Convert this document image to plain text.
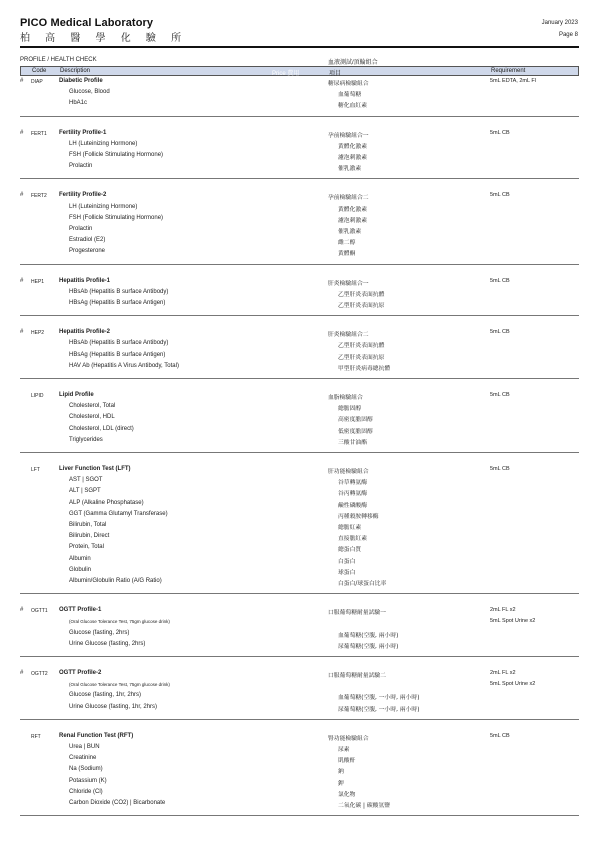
PICO Medical Laboratory
柏 高 醫 學 化 驗 所
January 2023
Page 8
PROFILE / HEALTH CHECK	血液測試/頂輪組合
Code Description	Price 費用	項目	Requirement
# DIAP	Diabetic Profile	糖尿病檢驗組合	5mL EDTA, 2mL Fl
Glucose, Blood	血葡萄糖
HbA1c	糖化血紅素
# FERT1 Fertility Profile-1	孕前檢驗組合一	5mL CB
LH (Luteinizing Hormone)	黃體化激素
FSH (Follicle Stimulating Hormone)	濾泡刺激素
Prolactin	催乳激素
# FERT2 Fertility Profile-2	孕前檢驗組合二	5mL CB
LH (Luteinizing Hormone)	黃體化激素
FSH (Follicle Stimulating Hormone)	濾泡刺激素
Prolactin	催乳激素
Estradiol (E2)	雌二醇
Progesterone	黃體酮
# HEP1 Hepatitis Profile-1	肝炎檢驗組合一	5mL CB
HBsAb (Hepatitis B surface Antibody)	乙型肝炎表面抗體
HBsAg (Hepatitis B surface Antigen)	乙型肝炎表面抗原
# HEP2 Hepatitis Profile-2	肝炎檢驗組合二	5mL CB
HBsAb (Hepatitis B surface Antibody)	乙型肝炎表面抗體
HBsAg (Hepatitis B surface Antigen)	乙型肝炎表面抗原
HAV Ab (Hepatitis A Virus Antibody, Total)	甲型肝炎病毒總抗體
LIPID	Lipid Profile	血脂檢驗組合	5mL CB
Cholesterol, Total	總膽固醇
Cholesterol, HDL	高密度膽固醇
Cholesterol, LDL (direct)	低密度膽固醇
Triglycerides	三酸甘油酯
LFT	Liver Function Test (LFT)	肝功能檢驗組合	5mL CB
AST | SGOT	谷草轉氨酶
ALT | SGPT	谷丙轉氨酶
ALP (Alkaline Phosphatase)	鹼性磷酸酶
GGT (Gamma Glutamyl Transferase)	丙種穀胺轉移酶
Bilirubin, Total	總膽紅素
Bilirubin, Direct	直接膽紅素
Protein, Total	總蛋白質
Albumin	白蛋白
Globulin	球蛋白
Albumin/Globulin Ratio (A/G Ratio)	白蛋白/球蛋白比率
# OGTT1 OGTT Profile-1	口服葡萄糖耐量試驗一	2mL FL x2
(Oral Glucose Tolerance Test, 75gm glucose drink)	5mL Spot Urine x2
Glucose (fasting, 2hrs)	血葡萄糖(空腹, 兩小時)
Urine Glucose (fasting, 2hrs)	尿葡萄糖(空腹, 兩小時)
# OGTT2 OGTT Profile-2	口服葡萄糖耐量試驗二	2mL FL x2
(Oral Glucose Tolerance Test, 75gm glucose drink)	5mL Spot Urine x2
Glucose (fasting, 1hr, 2hrs)	血葡萄糖(空腹, 一小時, 兩小時)
Urine Glucose (fasting, 1hr, 2hrs)	尿葡萄糖(空腹, 一小時, 兩小時)
RFT	Renal Function Test (RFT)	腎功能檢驗組合	5mL CB
Urea | BUN	尿素
Creatinine	肌酸酐
Na (Sodium)	鈉
Potassium (K)	鉀
Chloride (Cl)	氯化物
Carbon Dioxide (CO2) | Bicarbonate	二氧化碳 | 碳酸氫鹽
